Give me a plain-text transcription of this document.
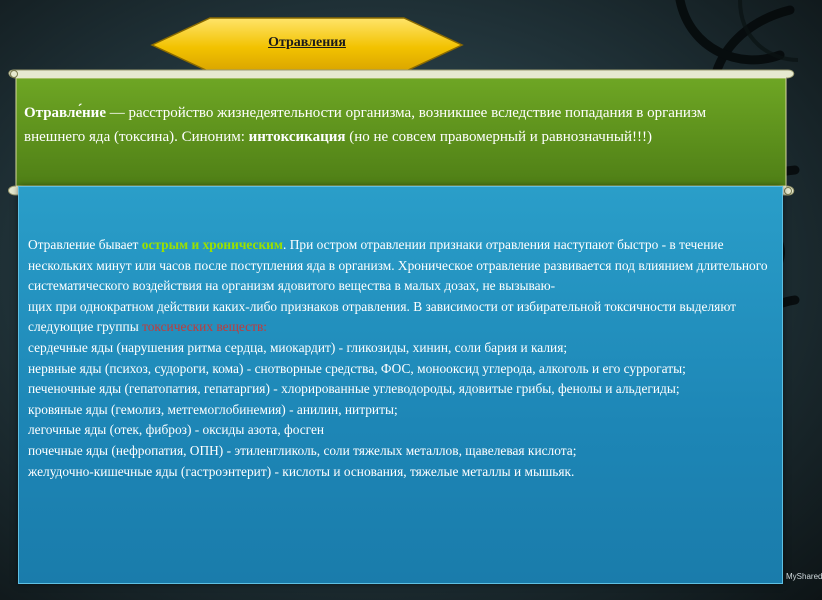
Отравления
Отравле́ние — расстройство жизнедеятельности организма, возникшее вследствие попадания в организм внешнего яда (токсина). Синоним: интоксикация (но не совсем правомерный и равнозначный!!!)

Отравление бывает острым и хроническим. При остром отравлении признаки отравления наступают быстро - в течение нескольких минут или часов после поступления яда в организм. Хроническое отравление развивается под влиянием длительного систематического воздействия на организм ядовитого вещества в малых дозах, не вызываю-

щих при однократном действии каких-либо признаков отравления. В зависимости от избирательной токсичности выделяют следующие группы токсических веществ:

сердечные яды (нарушения ритма сердца, миокардит) - гликозиды, хинин, соли бария и калия;

нервные яды (психоз, судороги, кома) - снотворные средства, ФОС, монооксид углерода, алкоголь и его суррогаты;

печеночные яды (гепатопатия, гепатаргия) - хлорированные углеводороды, ядовитые грибы, фенолы и альдегиды;

кровяные яды (гемолиз, метгемоглобинемия) - анилин, нитриты;

легочные яды (отек, фиброз) - оксиды азота, фосген

почечные яды (нефропатия, ОПН) - этиленгликоль, соли тяжелых металлов, щавелевая кислота;

желудочно-кишечные яды (гастроэнтерит) - кислоты и основания, тяжелые металлы и мышьяк.

MyShared
